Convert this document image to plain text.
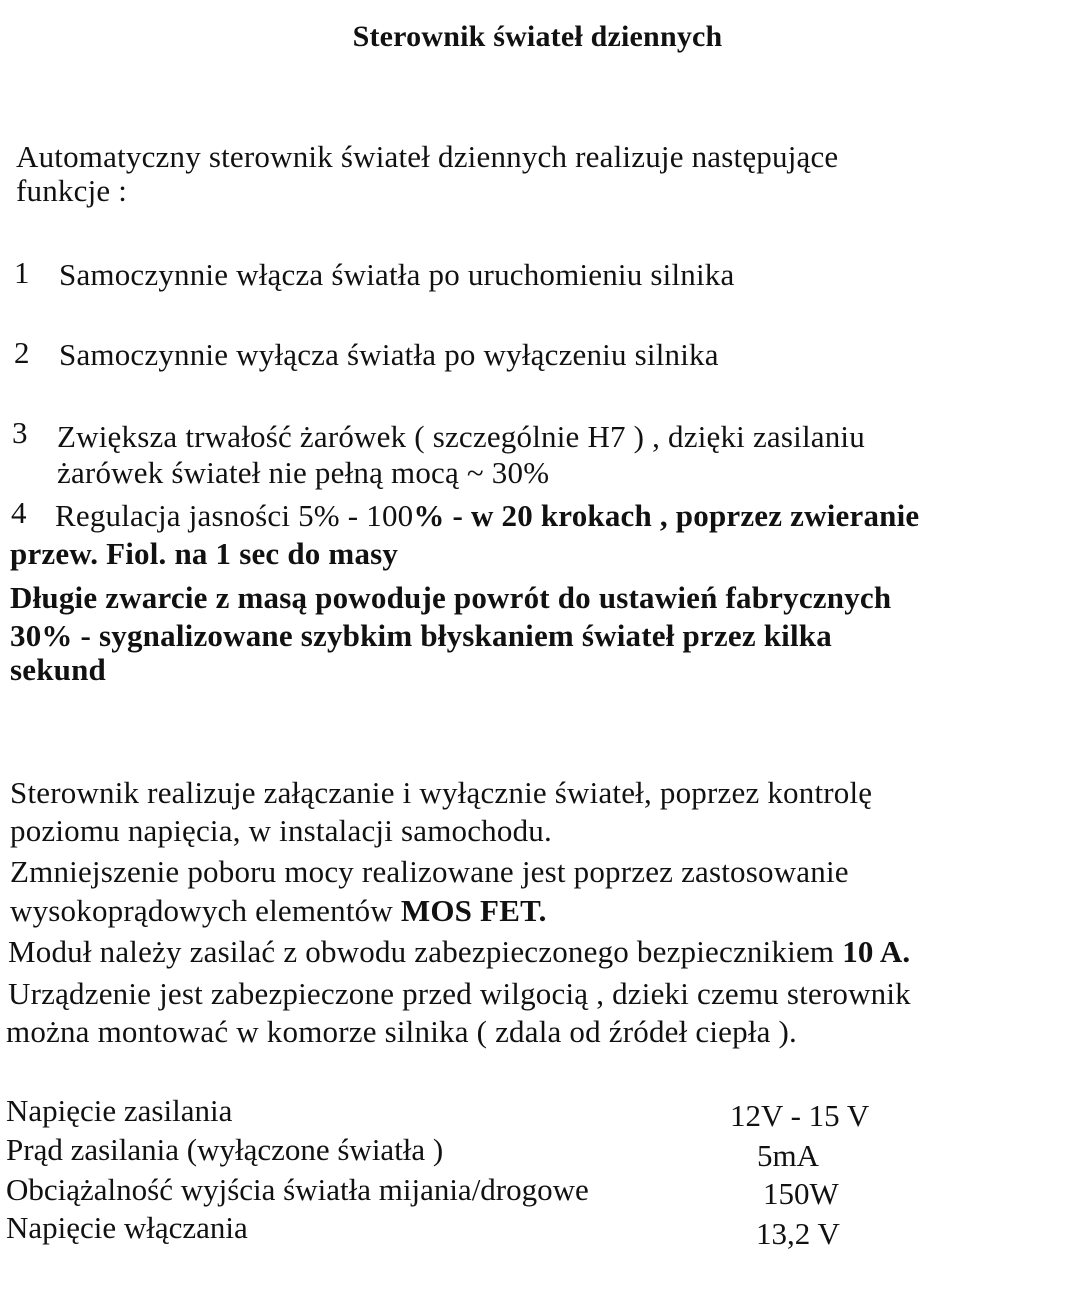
Sterownik świateł dziennych
Automatyczny sterownik świateł dziennych realizuje następujące
funkcje :
1 Samoczynnie włącza światła po uruchomieniu silnika
2 Samoczynnie wyłącza światła po wyłączeniu silnika
3 Zwiększa trwałość żarówek ( szczególnie H7 ) , dzięki zasilaniu
żarówek świateł nie pełną mocą ~ 30%
4 Regulacja jasności 5% - 100% - w 20 krokach , poprzez zwieranie
przew. Fiol. na 1 sec do masy
Długie zwarcie z masą powoduje powrót do ustawień fabrycznych
30% - sygnalizowane szybkim błyskaniem świateł przez kilka
sekund
Sterownik realizuje załączanie i wyłącznie świateł, poprzez kontrolę
poziomu napięcia, w instalacji samochodu.
Zmniejszenie poboru mocy realizowane jest poprzez zastosowanie
wysokoprądowych elementów MOS FET.
Moduł należy zasilać z obwodu zabezpieczonego bezpiecznikiem 10 A.
Urządzenie jest zabezpieczone przed wilgocią , dzieki czemu sterownik
można montować w komorze silnika ( zdala od źródeł ciepła ).
Napięcie zasilania	12V - 15 V
Prąd zasilania (wyłączone światła )	5mA
Obciążalność wyjścia światła mijania/drogowe	150W
Napięcie włączania	13,2 V
